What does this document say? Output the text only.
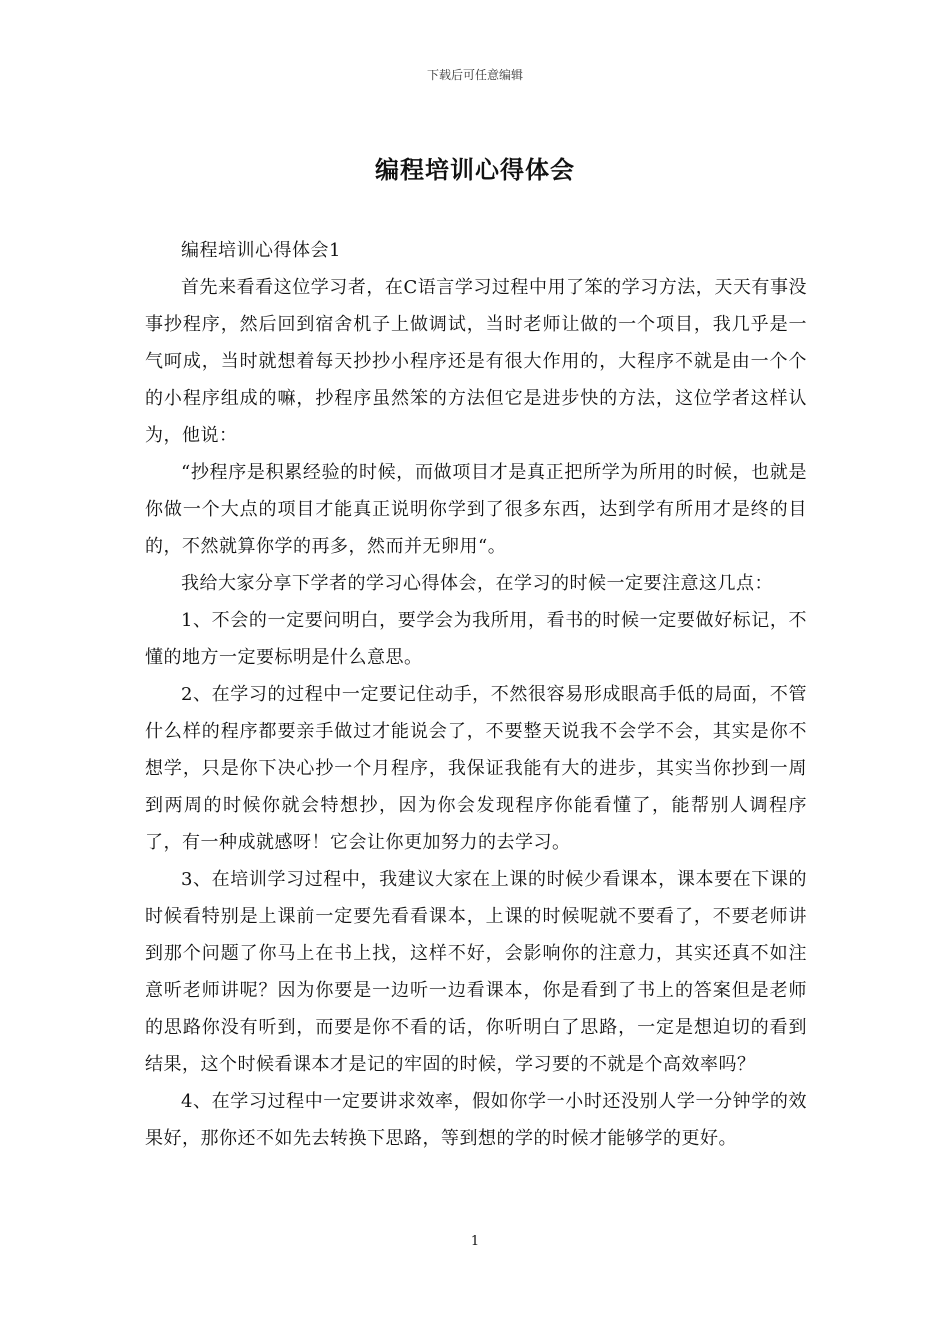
下载后可任意编辑
编程培训心得体会

编程培训心得体会1

首先来看看这位学习者，在C语言学习过程中用了笨的学习方法，天天有事没事抄程序，然后回到宿舍机子上做调试，当时老师让做的一个项目，我几乎是一气呵成，当时就想着每天抄抄小程序还是有很大作用的，大程序不就是由一个个的小程序组成的嘛，抄程序虽然笨的方法但它是进步快的方法，这位学者这样认为，他说：

“抄程序是积累经验的时候，而做项目才是真正把所学为所用的时候，也就是你做一个大点的项目才能真正说明你学到了很多东西，达到学有所用才是终的目的，不然就算你学的再多，然而并无卵用“。

我给大家分享下学者的学习心得体会，在学习的时候一定要注意这几点：

1、不会的一定要问明白，要学会为我所用，看书的时候一定要做好标记，不懂的地方一定要标明是什么意思。

2、在学习的过程中一定要记住动手，不然很容易形成眼高手低的局面，不管什么样的程序都要亲手做过才能说会了，不要整天说我不会学不会，其实是你不想学，只是你下决心抄一个月程序，我保证我能有大的进步，其实当你抄到一周到两周的时候你就会特想抄，因为你会发现程序你能看懂了，能帮别人调程序了，有一种成就感呀！它会让你更加努力的去学习。

3、在培训学习过程中，我建议大家在上课的时候少看课本，课本要在下课的时候看特别是上课前一定要先看看课本，上课的时候呢就不要看了，不要老师讲到那个问题了你马上在书上找，这样不好，会影响你的注意力，其实还真不如注意听老师讲呢？因为你要是一边听一边看课本，你是看到了书上的答案但是老师的思路你没有听到，而要是你不看的话，你听明白了思路，一定是想迫切的看到结果，这个时候看课本才是记的牢固的时候，学习要的不就是个高效率吗？

4、在学习过程中一定要讲求效率，假如你学一小时还没别人学一分钟学的效果好，那你还不如先去转换下思路，等到想的学的时候才能够学的更好。

1
